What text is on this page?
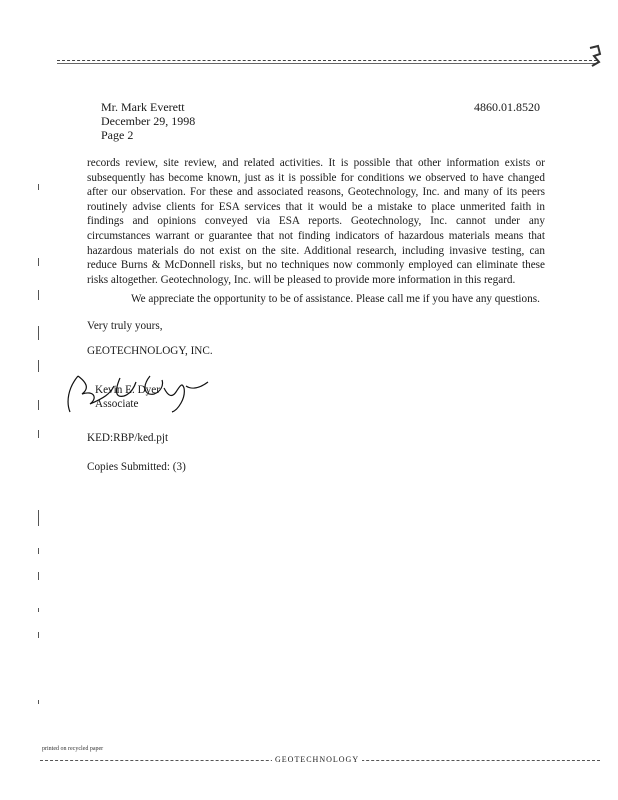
Mr. Mark Everett
December 29, 1998
Page 2
4860.01.8520
records review, site review, and related activities. It is possible that other information exists or subsequently has become known, just as it is possible for conditions we observed to have changed after our observation. For these and associated reasons, Geotechnology, Inc. and many of its peers routinely advise clients for ESA services that it would be a mistake to place unmerited faith in findings and opinions conveyed via ESA reports. Geotechnology, Inc. cannot under any circumstances warrant or guarantee that not finding indicators of hazardous materials means that hazardous materials do not exist on the site. Additional research, including invasive testing, can reduce Burns & McDonnell risks, but no techniques now commonly employed can eliminate these risks altogether. Geotechnology, Inc. will be pleased to provide more information in this regard.
We appreciate the opportunity to be of assistance. Please call me if you have any questions.
Very truly yours,
GEOTECHNOLOGY, INC.
Kevin E. Dyer
Associate
KED:RBP/ked.pjt
Copies Submitted: (3)
printed on recycled paper
GEOTECHNOLOGY
